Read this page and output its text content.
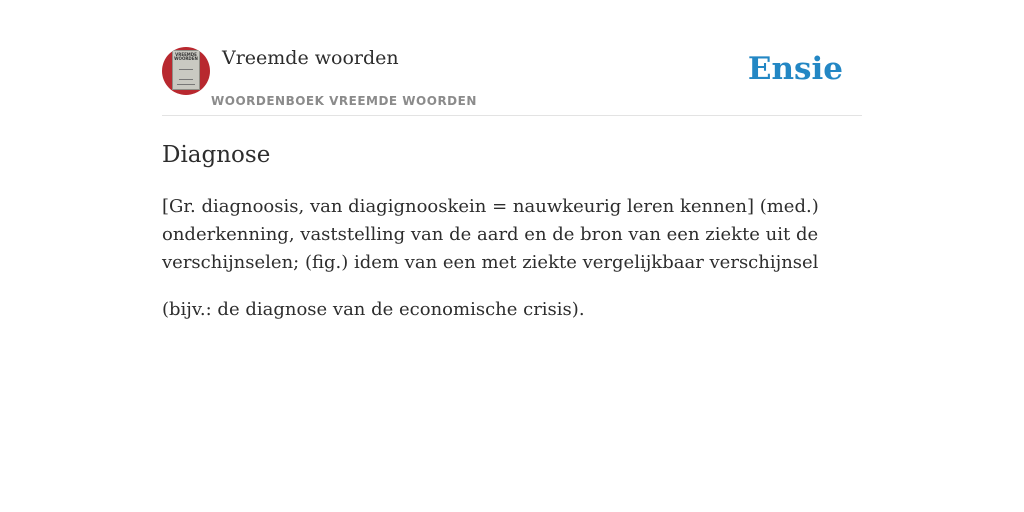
VREEMDE WOORDEN Vreemde woorden
WOORDENBOEK VREEMDE WOORDEN
Ensie
Diagnose

[Gr. diagnoosis, van diagignooskein = nauwkeurig leren kennen] (med.) onderkenning, vaststelling van de aard en de bron van een ziekte uit de verschijnselen; (fig.) idem van een met ziekte vergelijkbaar verschijnsel

(bijv.: de diagnose van de economische crisis).
